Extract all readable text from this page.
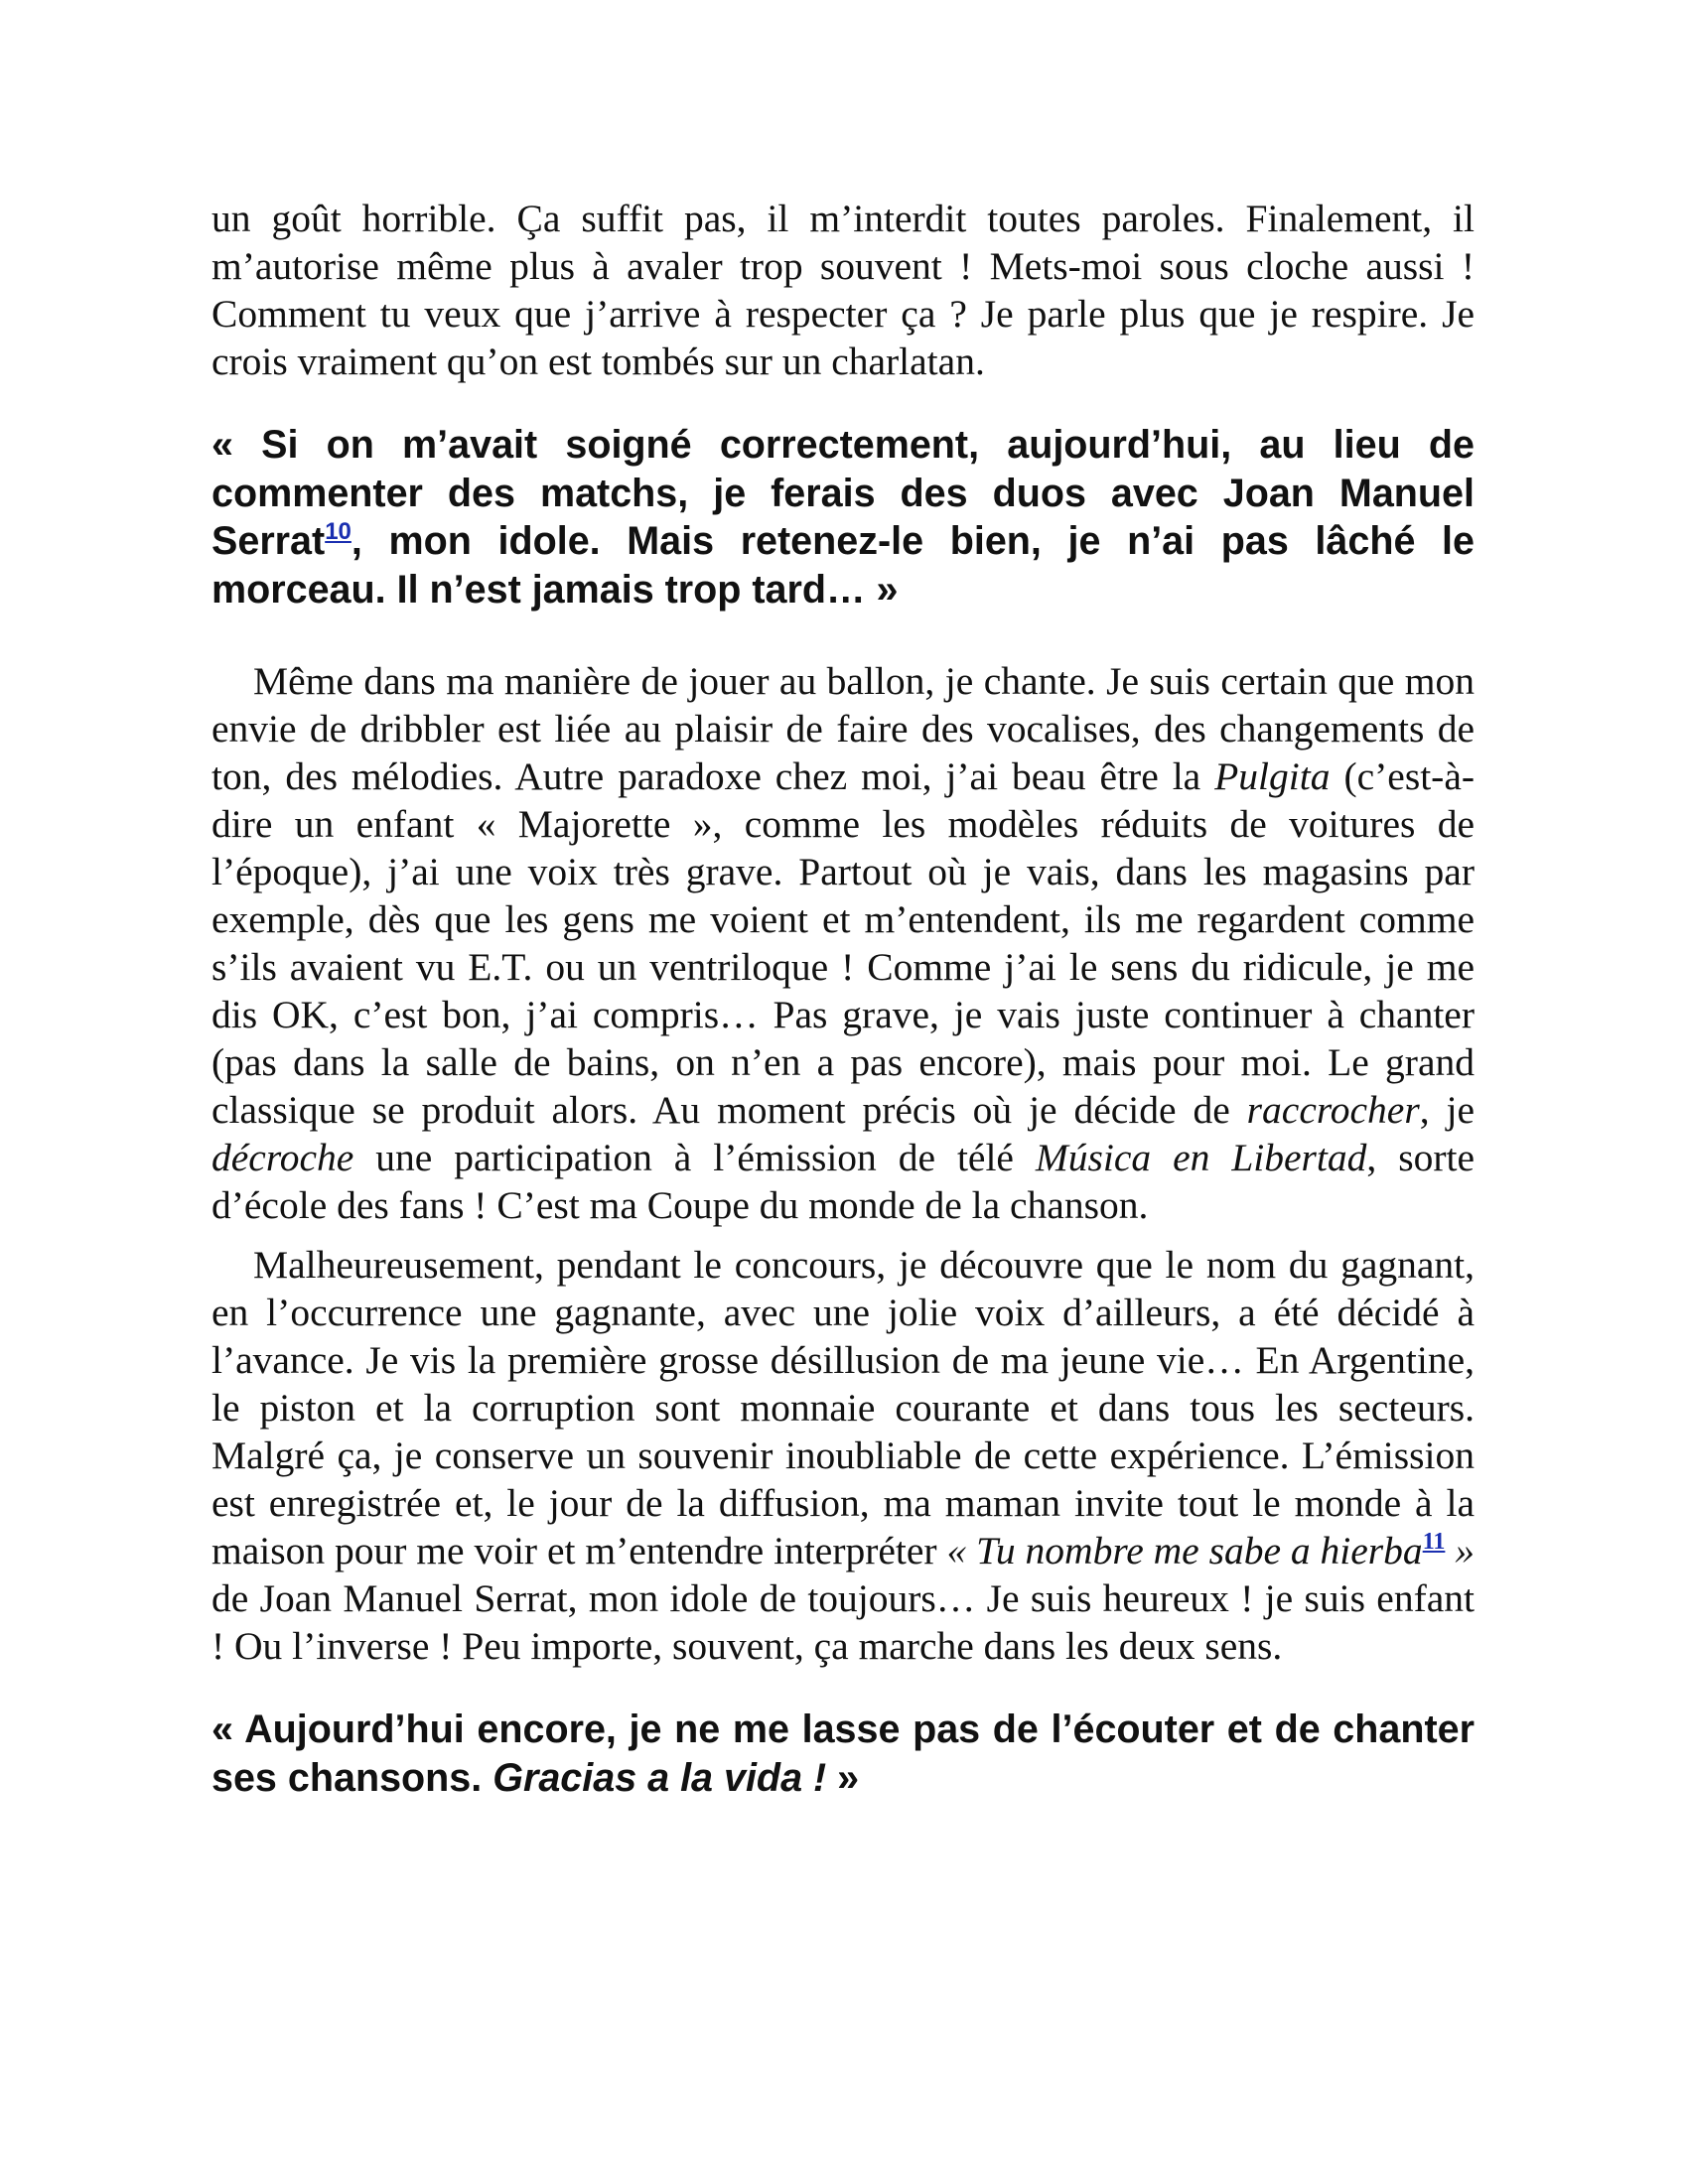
un goût horrible. Ça suffit pas, il m’interdit toutes paroles. Finalement, il m’autorise même plus à avaler trop souvent ! Mets-moi sous cloche aussi ! Comment tu veux que j’arrive à respecter ça ? Je parle plus que je respire. Je crois vraiment qu’on est tombés sur un charlatan.

« Si on m’avait soigné correctement, aujourd’hui, au lieu de commenter des matchs, je ferais des duos avec Joan Manuel Serrat$^{10}$, mon idole. Mais retenez-le bien, je n’ai pas lâché le morceau. Il n’est jamais trop tard… »

Même dans ma manière de jouer au ballon, je chante. Je suis certain que mon envie de dribbler est liée au plaisir de faire des vocalises, des changements de ton, des mélodies. Autre paradoxe chez moi, j’ai beau être la Pulgita (c’est-à-dire un enfant « Majorette », comme les modèles réduits de voitures de l’époque), j’ai une voix très grave. Partout où je vais, dans les magasins par exemple, dès que les gens me voient et m’entendent, ils me regardent comme s’ils avaient vu E.T. ou un ventriloque ! Comme j’ai le sens du ridicule, je me dis OK, c’est bon, j’ai compris… Pas grave, je vais juste continuer à chanter (pas dans la salle de bains, on n’en a pas encore), mais pour moi. Le grand classique se produit alors. Au moment précis où je décide de raccrocher, je décroche une participation à l’émission de télé Música en Libertad, sorte d’école des fans ! C’est ma Coupe du monde de la chanson.

Malheureusement, pendant le concours, je découvre que le nom du gagnant, en l’occurrence une gagnante, avec une jolie voix d’ailleurs, a été décidé à l’avance. Je vis la première grosse désillusion de ma jeune vie… En Argentine, le piston et la corruption sont monnaie courante et dans tous les secteurs. Malgré ça, je conserve un souvenir inoubliable de cette expérience. L’émission est enregistrée et, le jour de la diffusion, ma maman invite tout le monde à la maison pour me voir et m’entendre interpréter « Tu nombre me sabe a hierba$^{11}$ » de Joan Manuel Serrat, mon idole de toujours… Je suis heureux ! je suis enfant ! Ou l’inverse ! Peu importe, souvent, ça marche dans les deux sens.

« Aujourd’hui encore, je ne me lasse pas de l’écouter et de chanter ses chansons. Gracias a la vida ! »
